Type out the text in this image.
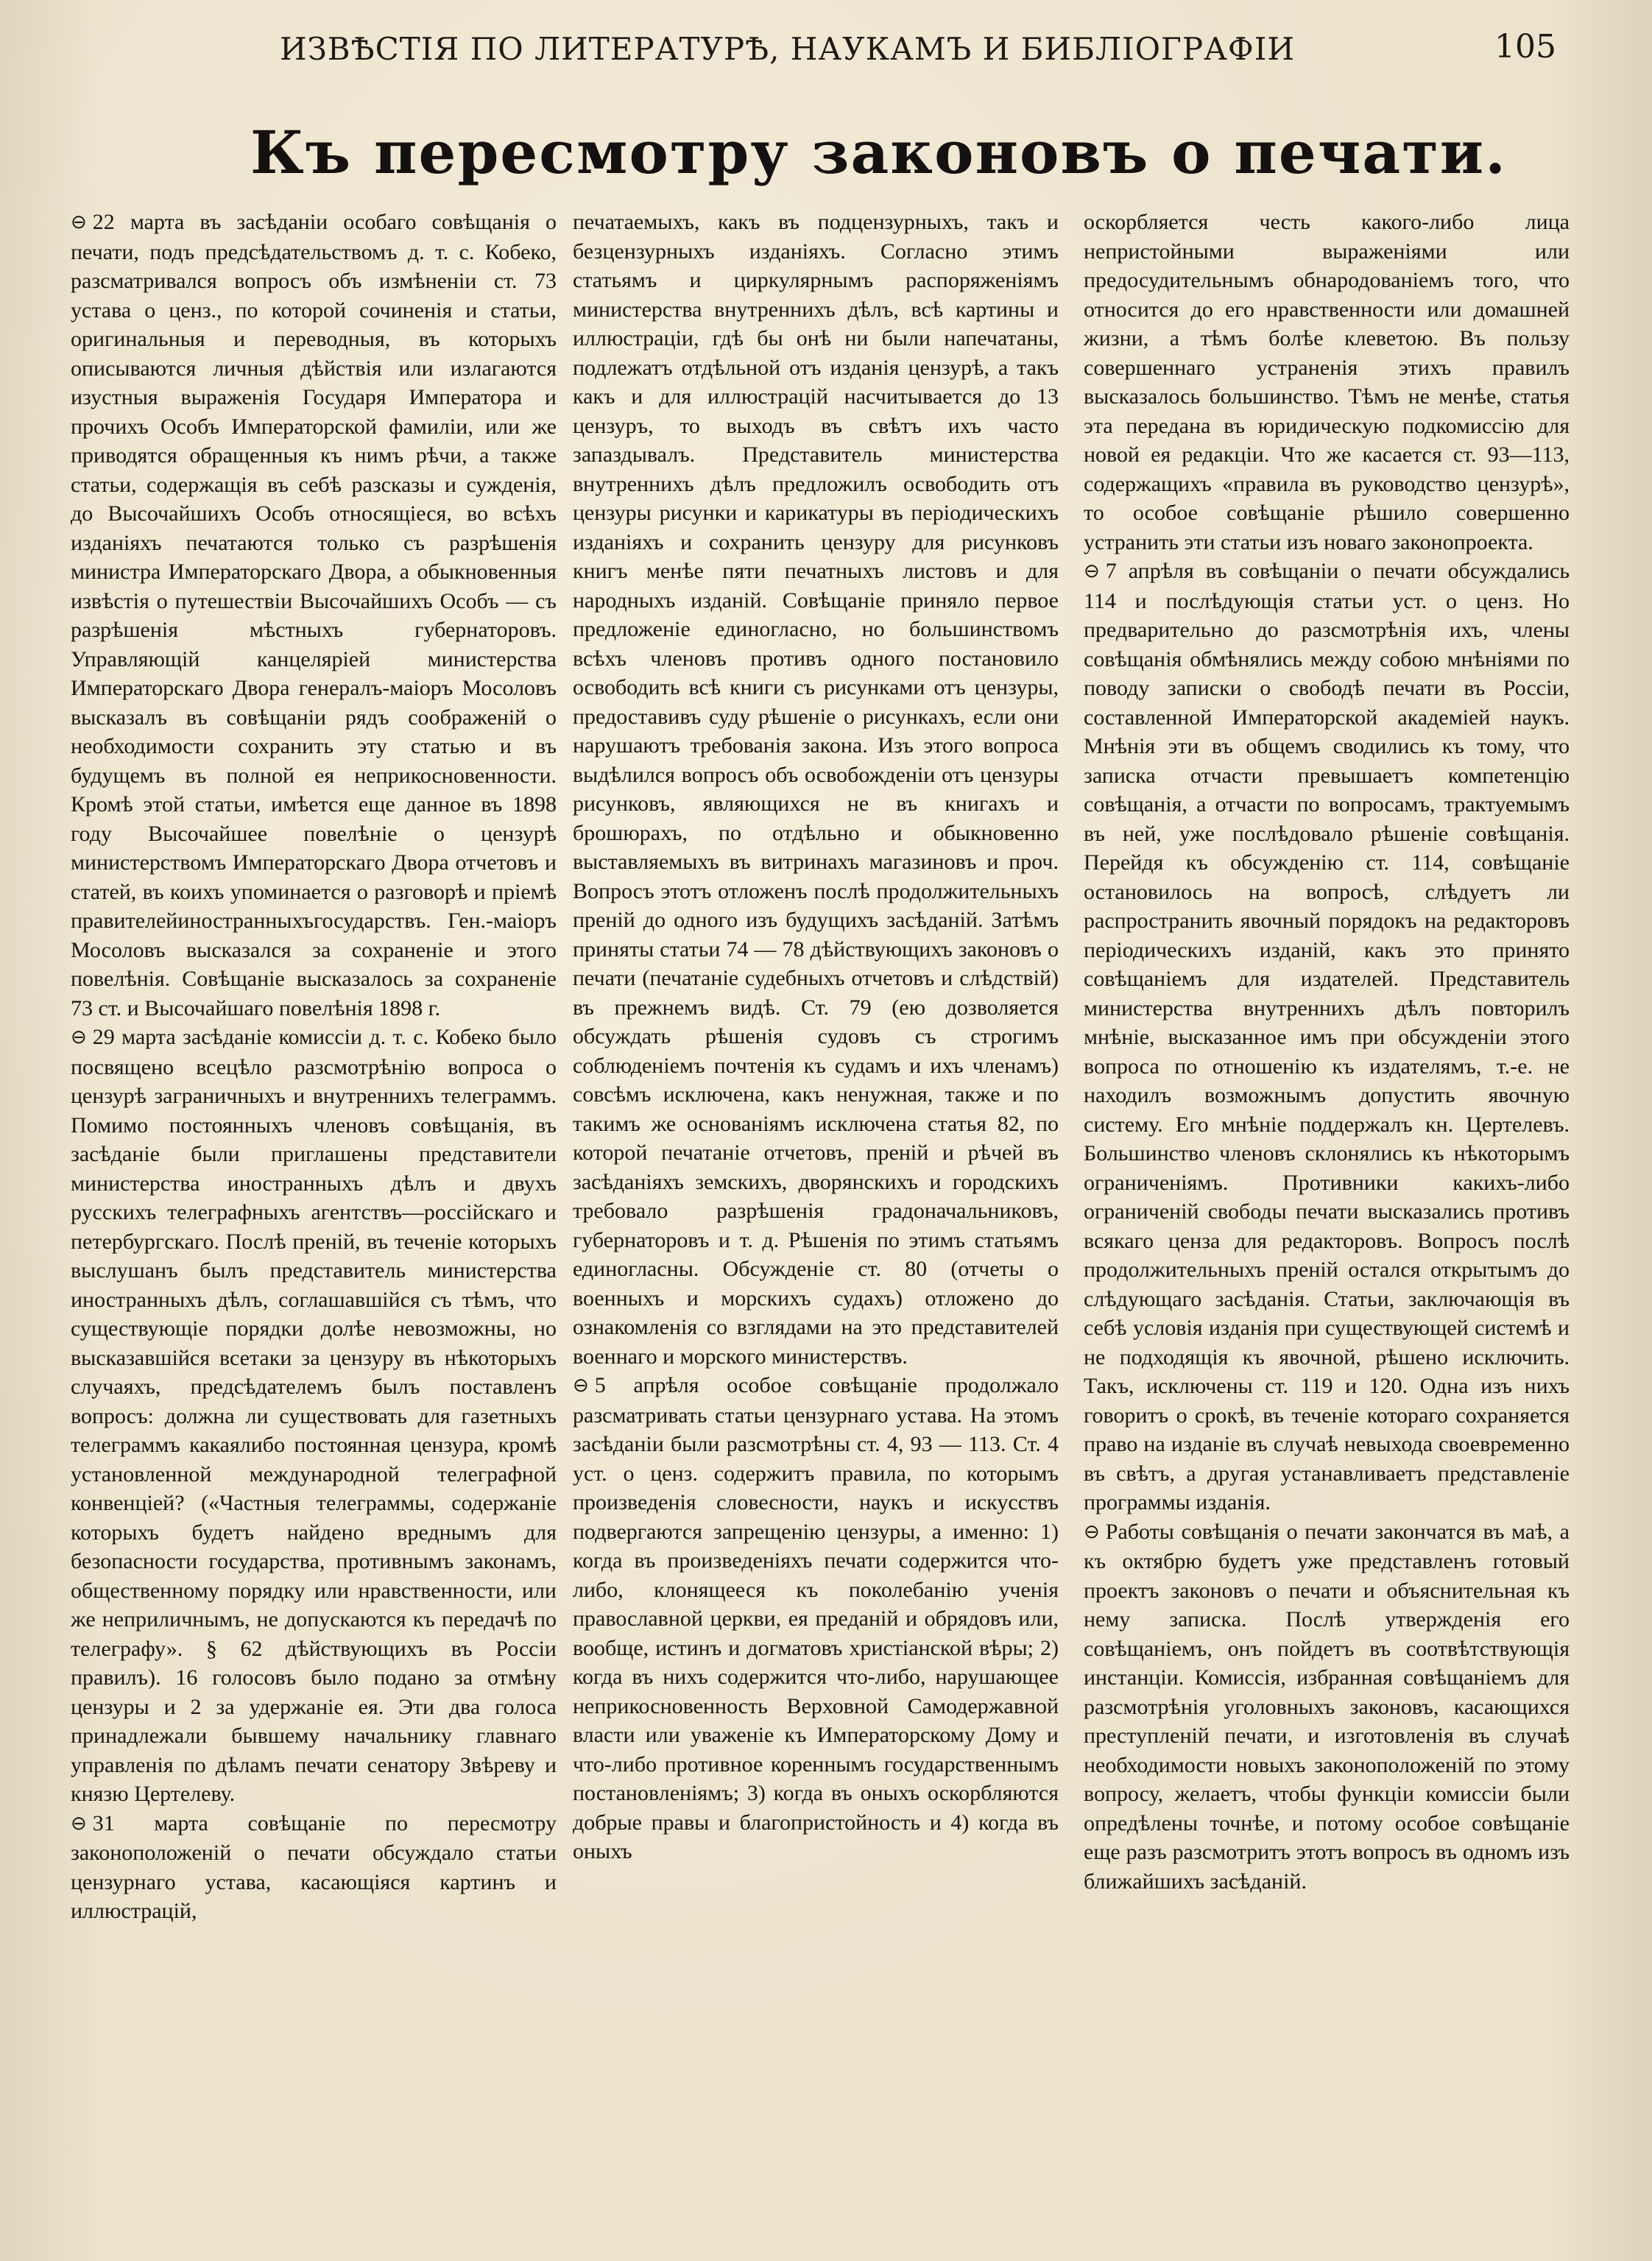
ИЗВѢСТІЯ ПО ЛИТЕРАТУРѢ, НАУКАМЪ И БИБЛІОГРАФІИ	105
Къ пересмотру законовъ о печати.

⊖ 22 марта въ засѣданіи особаго совѣщанія о печати, подъ предсѣдательствомъ д. т. с. Кобеко, разсматривался вопросъ объ измѣненіи ст. 73 устава о ценз., по которой сочиненія и статьи, оригинальныя и переводныя, въ которыхъ описываются личныя дѣйствія или излагаются изустныя выраженія Государя Императора и прочихъ Особъ Императорской фамиліи, или же приводятся обращенныя къ нимъ рѣчи, а также статьи, содержащія въ себѣ разсказы и сужденія, до Высочайшихъ Особъ относящіеся, во всѣхъ изданіяхъ печатаются только съ разрѣшенія министра Императорскаго Двора, а обыкновенныя извѣстія о путешествіи Высочайшихъ Особъ — съ разрѣшенія мѣстныхъ губернаторовъ. Управляющій канцеляріей министерства Императорскаго Двора генералъ-маіоръ Мосоловъ высказалъ въ совѣщаніи рядъ соображеній о необходимости сохранить эту статью и въ будущемъ въ полной ея неприкосновенности. Кромѣ этой статьи, имѣется еще данное въ 1898 году Высочайшее повелѣніе о цензурѣ министерствомъ Императорскаго Двора отчетовъ и статей, въ коихъ упоминается о разговорѣ и пріемѣ правителейиностранныхъгосударствъ. Ген.-маіоръ Мосоловъ высказался за сохраненіе и этого повелѣнія. Совѣщаніе высказалось за сохраненіе 73 ст. и Высочайшаго повелѣнія 1898 г.

⊖ 29 марта засѣданіе комиссіи д. т. с. Кобеко было посвящено всецѣло разсмотрѣнію вопроса о цензурѣ заграничныхъ и внутреннихъ телеграммъ. Помимо постоянныхъ членовъ совѣщанія, въ засѣданіе были приглашены представители министерства иностранныхъ дѣлъ и двухъ русскихъ телеграфныхъ агентствъ—россійскаго и петербургскаго. Послѣ преній, въ теченіе которыхъ выслушанъ былъ представитель министерства иностранныхъ дѣлъ, соглашавшійся съ тѣмъ, что существующіе порядки долѣе невозможны, но высказавшійся всетаки за цензуру въ нѣкоторыхъ случаяхъ, предсѣдателемъ былъ поставленъ вопросъ: должна ли существовать для газетныхъ телеграммъ какаялибо постоянная цензура, кромѣ установленной международной телеграфной конвенціей? («Частныя телеграммы, содержаніе которыхъ будетъ найдено вреднымъ для безопасности государства, противнымъ законамъ, общественному порядку или нравственности, или же неприличнымъ, не допускаются къ передачѣ по телеграфу». § 62 дѣйствующихъ въ Россіи правилъ). 16 голосовъ было подано за отмѣну цензуры и 2 за удержаніе ея. Эти два голоса принадлежали бывшему начальнику главнаго управленія по дѣламъ печати сенатору Звѣреву и князю Цертелеву.

⊖ 31 марта совѣщаніе по пересмотру законоположеній о печати обсуждало статьи цензурнаго устава, касающіяся картинъ и иллюстрацій,

печатаемыхъ, какъ въ подцензурныхъ, такъ и безцензурныхъ изданіяхъ. Согласно этимъ статьямъ и циркулярнымъ распоряженіямъ министерства внутреннихъ дѣлъ, всѣ картины и иллюстраціи, гдѣ бы онѣ ни были напечатаны, подлежатъ отдѣльной отъ изданія цензурѣ, а такъ какъ и для иллюстрацій насчитывается до 13 цензуръ, то выходъ въ свѣтъ ихъ часто запаздывалъ. Представитель министерства внутреннихъ дѣлъ предложилъ освободить отъ цензуры рисунки и карикатуры въ періодическихъ изданіяхъ и сохранить цензуру для рисунковъ книгъ менѣе пяти печатныхъ листовъ и для народныхъ изданій. Совѣщаніе приняло первое предложеніе единогласно, но большинствомъ всѣхъ членовъ противъ одного постановило освободить всѣ книги съ рисунками отъ цензуры, предоставивъ суду рѣшеніе о рисункахъ, если они нарушаютъ требованія закона. Изъ этого вопроса выдѣлился вопросъ объ освобожденіи отъ цензуры рисунковъ, являющихся не въ книгахъ и брошюрахъ, по отдѣльно и обыкновенно выставляемыхъ въ витринахъ магазиновъ и проч. Вопросъ этотъ отложенъ послѣ продолжительныхъ преній до одного изъ будущихъ засѣданій. Затѣмъ приняты статьи 74 — 78 дѣйствующихъ законовъ о печати (печатаніе судебныхъ отчетовъ и слѣдствій) въ прежнемъ видѣ. Ст. 79 (ею дозволяется обсуждать рѣшенія судовъ съ строгимъ соблюденіемъ почтенія къ судамъ и ихъ членамъ) совсѣмъ исключена, какъ ненужная, также и по такимъ же основаніямъ исключена статья 82, по которой печатаніе отчетовъ, преній и рѣчей въ засѣданіяхъ земскихъ, дворянскихъ и городскихъ требовало разрѣшенія градоначальниковъ, губернаторовъ и т. д. Рѣшенія по этимъ статьямъ единогласны. Обсужденіе ст. 80 (отчеты о военныхъ и морскихъ судахъ) отложено до ознакомленія со взглядами на это представителей военнаго и морского министерствъ.

⊖ 5 апрѣля особое совѣщаніе продолжало разсматривать статьи цензурнаго устава. На этомъ засѣданіи были разсмотрѣны ст. 4, 93 — 113. Ст. 4 уст. о ценз. содержитъ правила, по которымъ произведенія словесности, наукъ и искусствъ подвергаются запрещенію цензуры, а именно: 1) когда въ произведеніяхъ печати содержится что-либо, клонящееся къ поколебанію ученія православной церкви, ея преданій и обрядовъ или, вообще, истинъ и догматовъ христіанской вѣры; 2) когда въ нихъ содержится что-либо, нарушающее неприкосновенность Верховной Самодержавной власти или уваженіе къ Императорскому Дому и что-либо противное кореннымъ государственнымъ постановленіямъ; 3) когда въ оныхъ оскорбляются добрые правы и благопристойность и 4) когда въ оныхъ

оскорбляется честь какого-либо лица непристойными выраженіями или предосудительнымъ обнародованіемъ того, что относится до его нравственности или домашней жизни, а тѣмъ болѣе клеветою. Въ пользу совершеннаго устраненія этихъ правилъ высказалось большинство. Тѣмъ не менѣе, статья эта передана въ юридическую подкомиссію для новой ея редакціи. Что же касается ст. 93—113, содержащихъ «правила въ руководство цензурѣ», то особое совѣщаніе рѣшило совершенно устранить эти статьи изъ новаго законопроекта.

⊖ 7 апрѣля въ совѣщаніи о печати обсуждались 114 и послѣдующія статьи уст. о ценз. Но предварительно до разсмотрѣнія ихъ, члены совѣщанія обмѣнялись между собою мнѣніями по поводу записки о свободѣ печати въ Россіи, составленной Императорской академіей наукъ. Мнѣнія эти въ общемъ сводились къ тому, что записка отчасти превышаетъ компетенцію совѣщанія, а отчасти по вопросамъ, трактуемымъ въ ней, уже послѣдовало рѣшеніе совѣщанія. Перейдя къ обсужденію ст. 114, совѣщаніе остановилось на вопросѣ, слѣдуетъ ли распространить явочный порядокъ на редакторовъ періодическихъ изданій, какъ это принято совѣщаніемъ для издателей. Представитель министерства внутреннихъ дѣлъ повторилъ мнѣніе, высказанное имъ при обсужденіи этого вопроса по отношенію къ издателямъ, т.-е. не находилъ возможнымъ допустить явочную систему. Его мнѣніе поддержалъ кн. Цертелевъ. Большинство членовъ склонялись къ нѣкоторымъ ограниченіямъ. Противники какихъ-либо ограниченій свободы печати высказались противъ всякаго ценза для редакторовъ. Вопросъ послѣ продолжительныхъ преній остался открытымъ до слѣдующаго засѣданія. Статьи, заключающія въ себѣ условія изданія при существующей системѣ и не подходящія къ явочной, рѣшено исключить. Такъ, исключены ст. 119 и 120. Одна изъ нихъ говоритъ о срокѣ, въ теченіе котораго сохраняется право на изданіе въ случаѣ невыхода своевременно въ свѣтъ, а другая устанавливаетъ представленіе программы изданія.

⊖ Работы совѣщанія о печати закончатся въ маѣ, а къ октябрю будетъ уже представленъ готовый проектъ законовъ о печати и объяснительная къ нему записка. Послѣ утвержденія его совѣщаніемъ, онъ пойдетъ въ соотвѣтствующія инстанціи. Комиссія, избранная совѣщаніемъ для разсмотрѣнія уголовныхъ законовъ, касающихся преступленій печати, и изготовленія въ случаѣ необходимости новыхъ законоположеній по этому вопросу, желаетъ, чтобы функціи комиссіи были опредѣлены точнѣе, и потому особое совѣщаніе еще разъ разсмотритъ этотъ вопросъ въ одномъ изъ ближайшихъ засѣданій.
